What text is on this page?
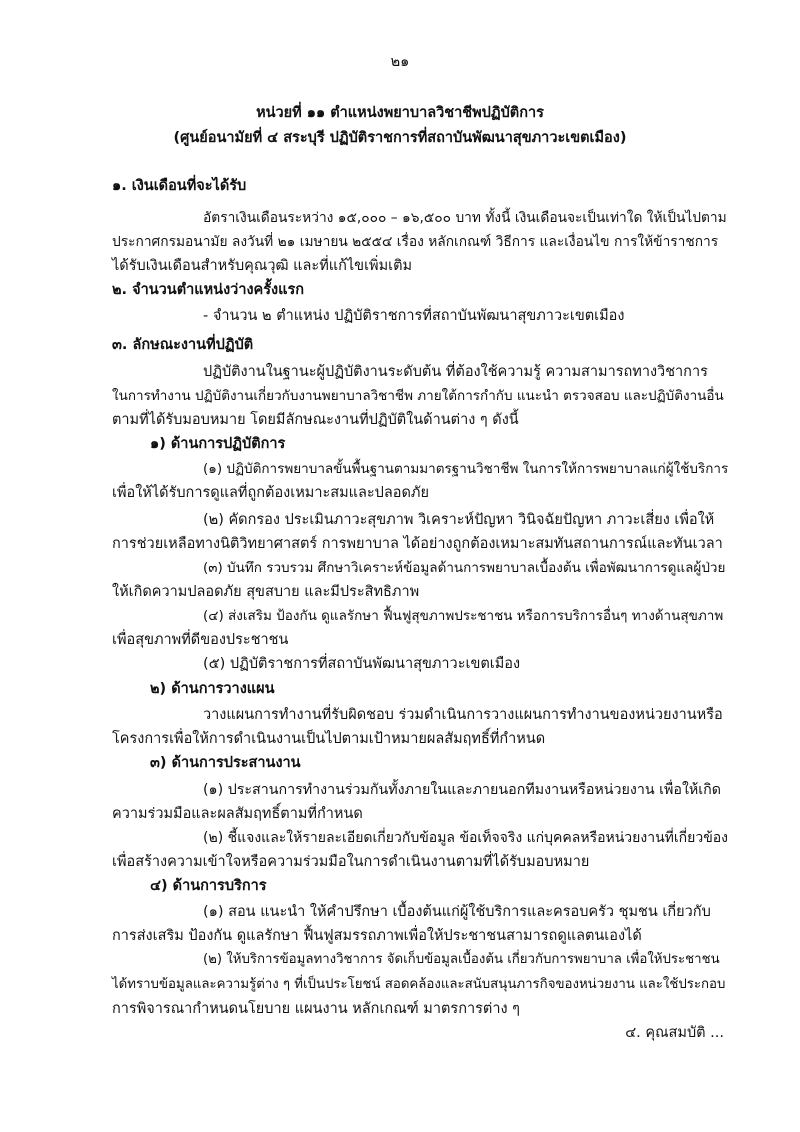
๒๑
หน่วยที่ ๑๑ ตำแหน่งพยาบาลวิชาชีพปฏิบัติการ
(ศูนย์อนามัยที่ ๔ สระบุรี ปฏิบัติราชการที่สถาบันพัฒนาสุขภาวะเขตเมือง)
๑. เงินเดือนที่จะได้รับ
อัตราเงินเดือนระหว่าง ๑๕,๐๐๐ – ๑๖,๕๐๐ บาท ทั้งนี้ เงินเดือนจะเป็นเท่าใด ให้เป็นไปตาม
ประกาศกรมอนามัย ลงวันที่ ๒๑ เมษายน ๒๕๕๔ เรื่อง หลักเกณฑ์ วิธีการ และเงื่อนไข การให้ข้าราชการ
ได้รับเงินเดือนสำหรับคุณวุฒิ และที่แก้ไขเพิ่มเติม
๒. จำนวนตำแหน่งว่างครั้งแรก
- จำนวน ๒ ตำแหน่ง ปฏิบัติราชการที่สถาบันพัฒนาสุขภาวะเขตเมือง
๓. ลักษณะงานที่ปฏิบัติ
ปฏิบัติงานในฐานะผู้ปฏิบัติงานระดับต้น ที่ต้องใช้ความรู้ ความสามารถทางวิชาการ
ในการทำงาน ปฏิบัติงานเกี่ยวกับงานพยาบาลวิชาชีพ ภายใต้การกำกับ แนะนำ ตรวจสอบ และปฏิบัติงานอื่น
ตามที่ได้รับมอบหมาย โดยมีลักษณะงานที่ปฏิบัติในด้านต่าง ๆ ดังนี้
๑) ด้านการปฏิบัติการ
(๑) ปฏิบัติการพยาบาลขั้นพื้นฐานตามมาตรฐานวิชาชีพ ในการให้การพยาบาลแก่ผู้ใช้บริการ
เพื่อให้ได้รับการดูแลที่ถูกต้องเหมาะสมและปลอดภัย
(๒) คัดกรอง ประเมินภาวะสุขภาพ วิเคราะห์ปัญหา วินิจฉัยปัญหา ภาวะเสี่ยง เพื่อให้
การช่วยเหลือทางนิติวิทยาศาสตร์ การพยาบาล ได้อย่างถูกต้องเหมาะสมทันสถานการณ์และทันเวลา
(๓) บันทึก รวบรวม ศึกษาวิเคราะห์ข้อมูลด้านการพยาบาลเบื้องต้น เพื่อพัฒนาการดูแลผู้ป่วย
ให้เกิดความปลอดภัย สุขสบาย และมีประสิทธิภาพ
(๔) ส่งเสริม ป้องกัน ดูแลรักษา ฟื้นฟูสุขภาพประชาชน หรือการบริการอื่นๆ ทางด้านสุขภาพ
เพื่อสุขภาพที่ดีของประชาชน
(๕) ปฏิบัติราชการที่สถาบันพัฒนาสุขภาวะเขตเมือง
๒) ด้านการวางแผน
วางแผนการทำงานที่รับผิดชอบ ร่วมดำเนินการวางแผนการทำงานของหน่วยงานหรือ
โครงการเพื่อให้การดำเนินงานเป็นไปตามเป้าหมายผลสัมฤทธิ์ที่กำหนด
๓) ด้านการประสานงาน
(๑) ประสานการทำงานร่วมกันทั้งภายในและภายนอกทีมงานหรือหน่วยงาน เพื่อให้เกิด
ความร่วมมือและผลสัมฤทธิ์ตามที่กำหนด
(๒) ชี้แจงและให้รายละเอียดเกี่ยวกับข้อมูล ข้อเท็จจริง แก่บุคคลหรือหน่วยงานที่เกี่ยวข้อง
เพื่อสร้างความเข้าใจหรือความร่วมมือในการดำเนินงานตามที่ได้รับมอบหมาย
๔) ด้านการบริการ
(๑) สอน แนะนำ ให้คำปรึกษา เบื้องต้นแก่ผู้ใช้บริการและครอบครัว ชุมชน เกี่ยวกับ
การส่งเสริม ป้องกัน ดูแลรักษา ฟื้นฟูสมรรถภาพเพื่อให้ประชาชนสามารถดูแลตนเองได้
(๒) ให้บริการข้อมูลทางวิชาการ จัดเก็บข้อมูลเบื้องต้น เกี่ยวกับการพยาบาล เพื่อให้ประชาชน
ได้ทราบข้อมูลและความรู้ต่าง ๆ ที่เป็นประโยชน์ สอดคล้องและสนับสนุนภารกิจของหน่วยงาน และใช้ประกอบ
การพิจารณากำหนดนโยบาย แผนงาน หลักเกณฑ์ มาตรการต่าง ๆ
๔. คุณสมบัติ ...
